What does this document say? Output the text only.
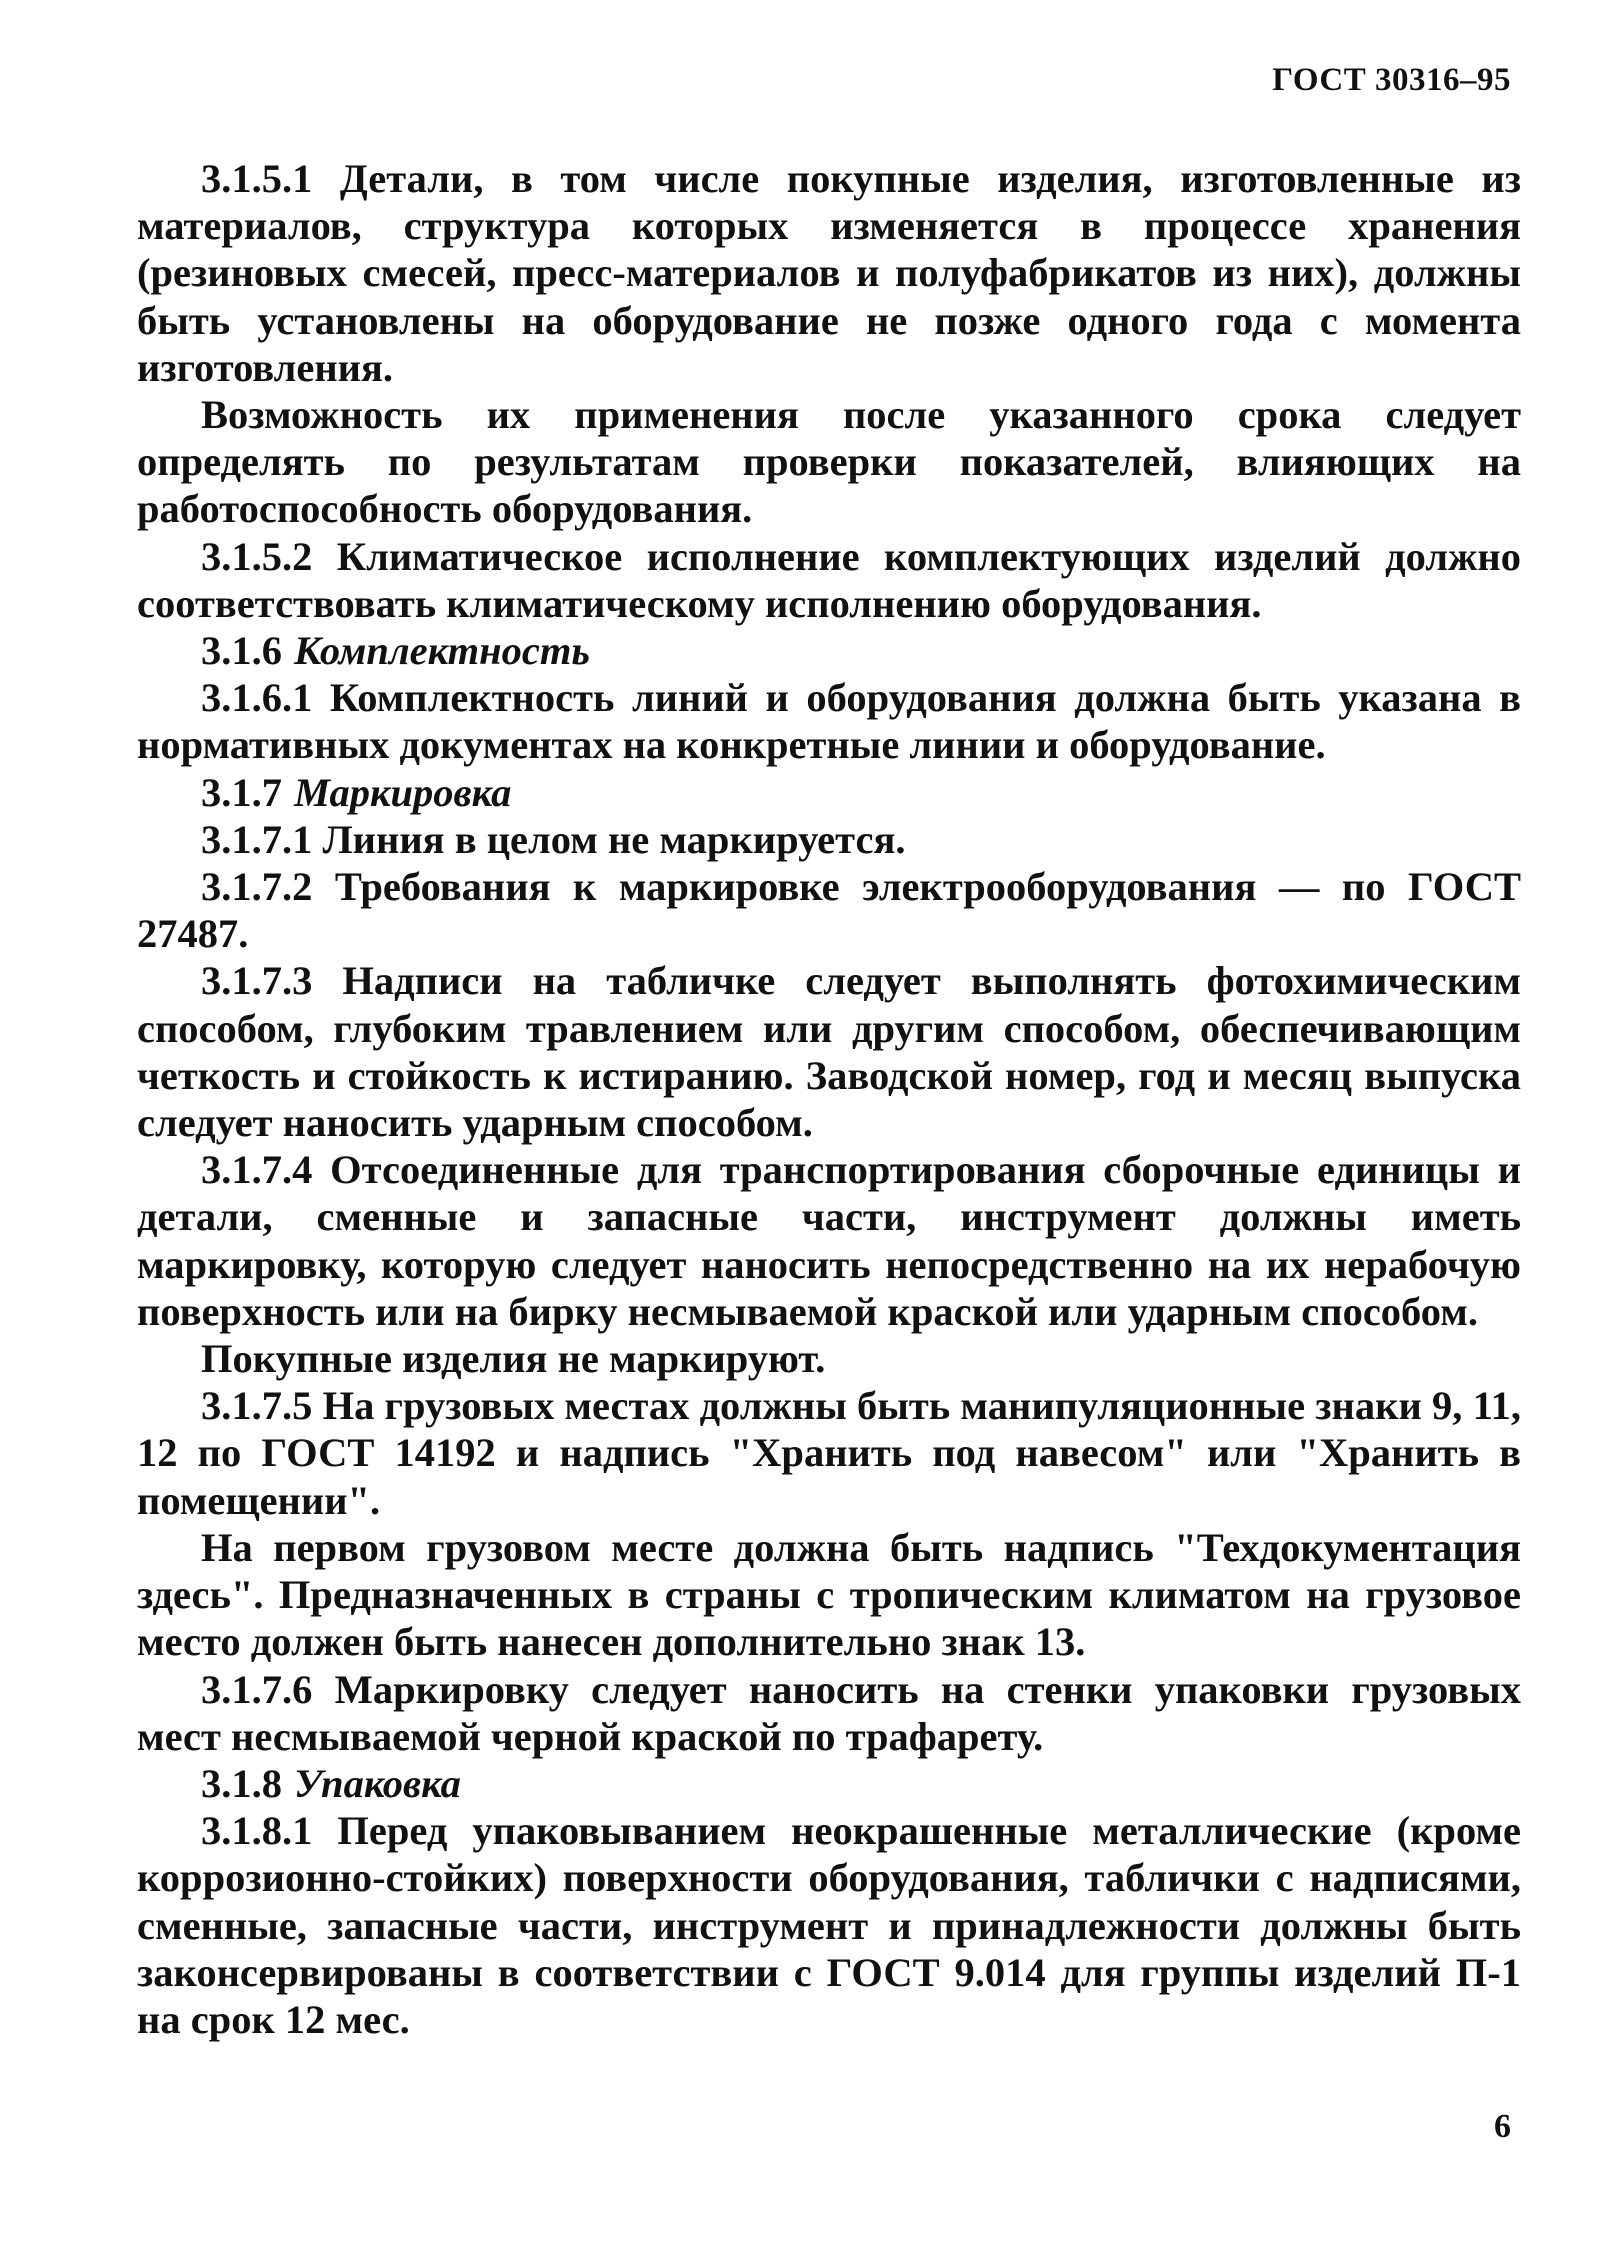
ГОСТ 30316–95

3.1.5.1 Детали, в том числе покупные изделия, изготовленные из материалов, структура которых изменяется в процессе хранения (резиновых смесей, пресс-материалов и полуфабрикатов из них), должны быть установлены на оборудование не позже одного года с момента изготовления.

Возможность их применения после указанного срока следует определять по результатам проверки показателей, влияющих на работоспособность оборудования.

3.1.5.2 Климатическое исполнение комплектующих изделий должно соответствовать климатическому исполнению оборудования.

3.1.6 Комплектность

3.1.6.1 Комплектность линий и оборудования должна быть указана в нормативных документах на конкретные линии и оборудование.

3.1.7 Маркировка

3.1.7.1 Линия в целом не маркируется.

3.1.7.2 Требования к маркировке электрооборудования — по ГОСТ 27487.

3.1.7.3 Надписи на табличке следует выполнять фотохимическим способом, глубоким травлением или другим способом, обеспечивающим четкость и стойкость к истиранию. Заводской номер, год и месяц выпуска следует наносить ударным способом.

3.1.7.4 Отсоединенные для транспортирования сборочные единицы и детали, сменные и запасные части, инструмент должны иметь маркировку, которую следует наносить непосредственно на их нерабочую поверхность или на бирку несмываемой краской или ударным способом.

Покупные изделия не маркируют.

3.1.7.5 На грузовых местах должны быть манипуляционные знаки 9, 11, 12 по ГОСТ 14192 и надпись "Хранить под навесом" или "Хранить в помещении".

На первом грузовом месте должна быть надпись "Техдокументация здесь". Предназначенных в страны с тропическим климатом на грузовое место должен быть нанесен дополнительно знак 13.

3.1.7.6 Маркировку следует наносить на стенки упаковки грузовых мест несмываемой черной краской по трафарету.

3.1.8 Упаковка

3.1.8.1 Перед упаковыванием неокрашенные металлические (кроме коррозионно-стойких) поверхности оборудования, таблички с надписями, сменные, запасные части, инструмент и принадлежности должны быть законсервированы в соответствии с ГОСТ 9.014 для группы изделий П-1 на срок 12 мес.

6
